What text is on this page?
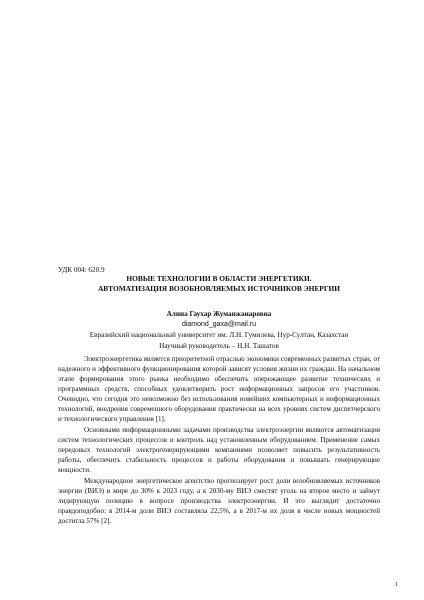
УДК 004: 620.9
НОВЫЕ ТЕХНОЛОГИИ В ОБЛАСТИ ЭНЕРГЕТИКИ.
АВТОМАТИЗАЦИЯ ВОЗОБНОВЛЯЕМЫХ ИСТОЧНИКОВ ЭНЕРГИИ
Алина Гаухар Жуманжанаровна
diamond_gaxa@mail.ru
Евразийский национальный университет им. Л.Н. Гумилева, Нур-Султан, Казахстан
Научный руководитель – Н.Н. Ташатов

Электроэнергетика является приоритетной отраслью экономики современных развитых стран, от надежного и эффективного функционирования которой зависят условия жизни их граждан. На начальном этапе формирования этого рынка необходимо обеспечить опережающее развитие технических и программных средств, способных удовлетворить рост информационных запросов его участников. Очевидно, что сегодня это невозможно без использования новейших компьютерных и информационных технологий, внедрения современного оборудования практически на всех уровнях систем диспетчерского и технологического управления [1].

Основными информационными задачами производства электроэнергии являются автоматизация систем технологических процессов и контроль над установленным оборудованием. Применение самых передовых технологий электрогенерирующими компаниями позволяет повысить результативность работы, обеспечить стабильность процессов и работы оборудования и повышать генерирующие мощности.

Международное энергетическое агентство прогнозирует рост доли возобновляемых источников энергии (ВИЭ) в мире до 30% к 2023 году, а к 2030-му ВИЭ сместят уголь на второе место и займут лидирующую позицию в вопросе производства электроэнергии. И это выглядит достаточно правдоподобно: в 2014-м доли ВИЭ составляла 22,5%, а в 2017-м их доля в числе новых мощностей достигла 57% [2].

1
